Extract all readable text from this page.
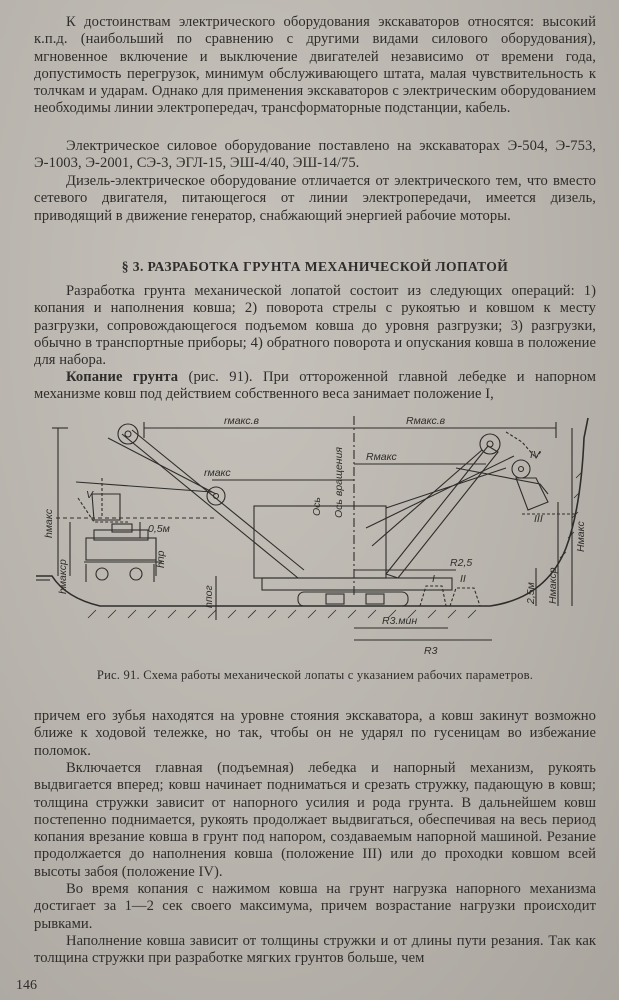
К достоинствам электрического оборудования экскаваторов относятся: высокий к.п.д. (наибольший по сравнению с другими видами силового оборудования), мгновенное включение и выключение двигателей независимо от времени года, допустимость перегрузок, минимум обслуживающего штата, малая чувствительность к толчкам и ударам. Однако для применения экскаваторов с электрическим оборудованием необходимы линии электропередач, трансформаторные подстанции, кабель.

Электрическое силовое оборудование поставлено на экскаваторах Э-504, Э-753, Э-1003, Э-2001, СЭ-3, ЭГЛ-15, ЭШ-4/40, ЭШ-14/75.

Дизель-электрическое оборудование отличается от электрического тем, что вместо сетевого двигателя, питающегося от линии электропередачи, имеется дизель, приводящий в движение генератор, снабжающий энергией рабочие моторы.

§ 3. РАЗРАБОТКА ГРУНТА МЕХАНИЧЕСКОЙ ЛОПАТОЙ

Разработка грунта механической лопатой состоит из следующих операций: 1) копания и наполнения ковша; 2) поворота стрелы с рукоятью и ковшом к месту разгрузки, сопровождающегося подъемом ковша до уровня разгрузки; 3) разгрузки, обычно в транспортные приборы; 4) обратного поворота и опускания ковша в положение для набора.

Копание грунта (рис. 91). При оттороженной главной лебедке и напорном механизме ковш под действием собственного веса занимает положение I,

rмакс.в	Rмакс.в
rмакс
Rмакс
Ось вращения
Ось
hмакс
hмакср	hпр
hпог
Hмакс
Hмакср
R2,5
R3.мин
R3
0,5м
2,5м
I II
III
IV
V

Рис. 91. Схема работы механической лопаты с указанием рабочих параметров.

причем его зубья находятся на уровне стояния экскаватора, а ковш закинут возможно ближе к ходовой тележке, но так, чтобы он не ударял по гусеницам во избежание поломок.

Включается главная (подъемная) лебедка и напорный механизм, рукоять выдвигается вперед; ковш начинает подниматься и срезать стружку, падающую в ковш; толщина стружки зависит от напорного усилия и рода грунта. В дальнейшем ковш постепенно поднимается, рукоять продолжает выдвигаться, обеспечивая на весь период копания врезание ковша в грунт под напором, создаваемым напорной машиной. Резание продолжается до наполнения ковша (положение III) или до проходки ковшом всей высоты забоя (положение IV).

Во время копания с нажимом ковша на грунт нагрузка напорного механизма достигает за 1—2 сек своего максимума, причем возрастание нагрузки происходит рывками.

Наполнение ковша зависит от толщины стружки и от длины пути резания. Так как толщина стружки при разработке мягких грунтов больше, чем

146
